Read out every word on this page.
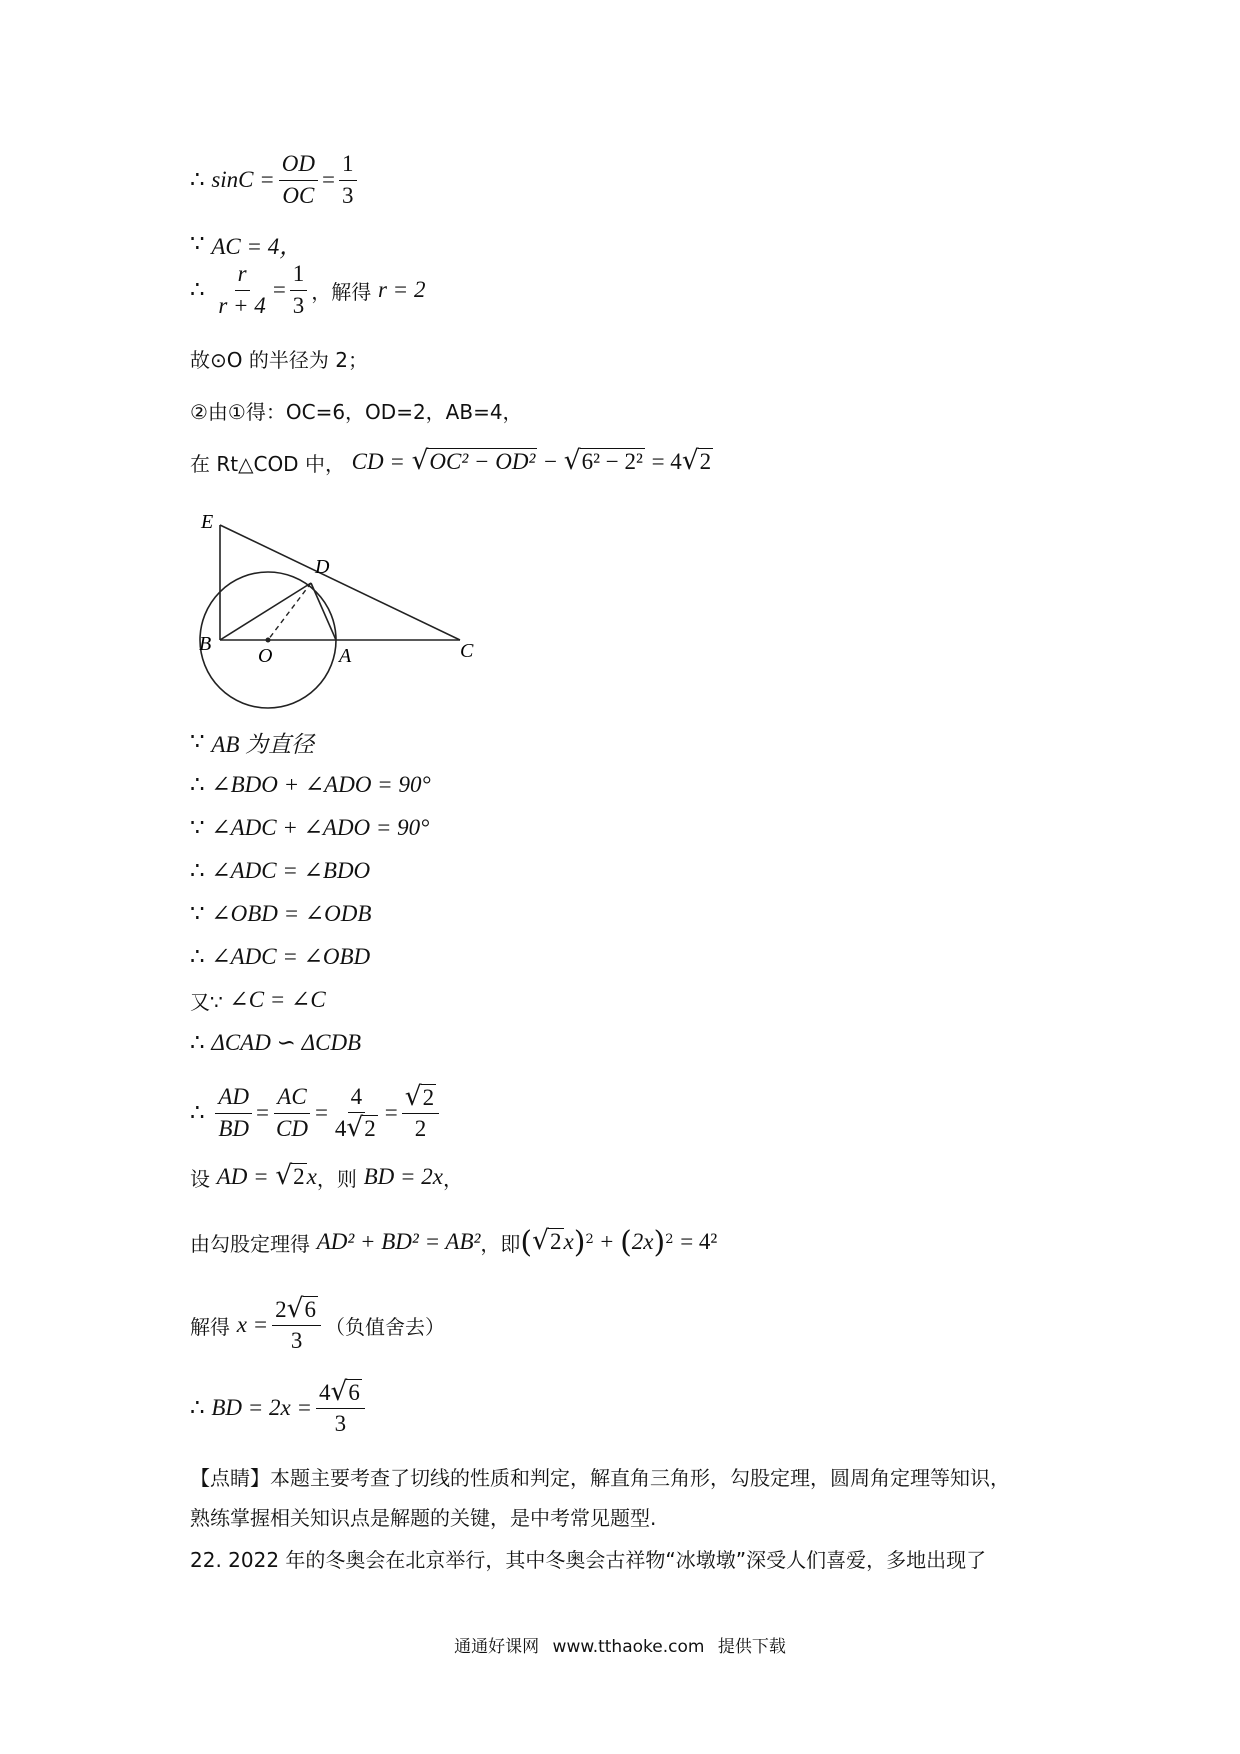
∴
$\sin C = \frac{OD}{OC} = \frac{1}{3}$
∵
AC = 4，
∴
$\frac{r}{r + 4} = \frac{1}{3}$ ，解得
r = 2
故⊙O 的半径为 2；
②由①得：OC=6，OD=2，AB=4，
在 Rt△COD 中，
CD =
√ OC² − OD²
−
√ 6² − 2²
= 4 √ 2
E
D
B
O	A	C
∵
AB 为直径
∴
∠BDO + ∠ADO = 90°
∵
∠ADC + ∠ADO = 90°
∴
∠ADC = ∠BDO
∵
∠OBD = ∠ODB
∴
∠ADC = ∠OBD
又∵
∠C = ∠C
∴
ΔCAD ∽ ΔCDB
∴
$\frac{AD}{BD} = \frac{AC}{CD} = \frac{4}{4 √ 2} = \frac{√ 2}{2}$
设
AD =
√ 2 x ，则
BD = 2x ，
由勾股定理得
AD² + BD² = AB² ，即 ( √ 2 x )$^2$
+
( 2x )$^2$
= 4²
解得
$x = \frac{2 √ 6}{3}$ （负值舍去）
∴
BD = $2x = \frac{4 √ 6}{3}$
【点睛】本题主要考查了切线的性质和判定，解直角三角形，勾股定理，圆周角定理等知识，
熟练掌握相关知识点是解题的关键，是中考常见题型.
22. 2022 年的冬奥会在北京举行，其中冬奥会古祥物“冰墩墩”深受人们喜爱，多地出现了
通通好课网 www.tthaoke.com 提供下载
